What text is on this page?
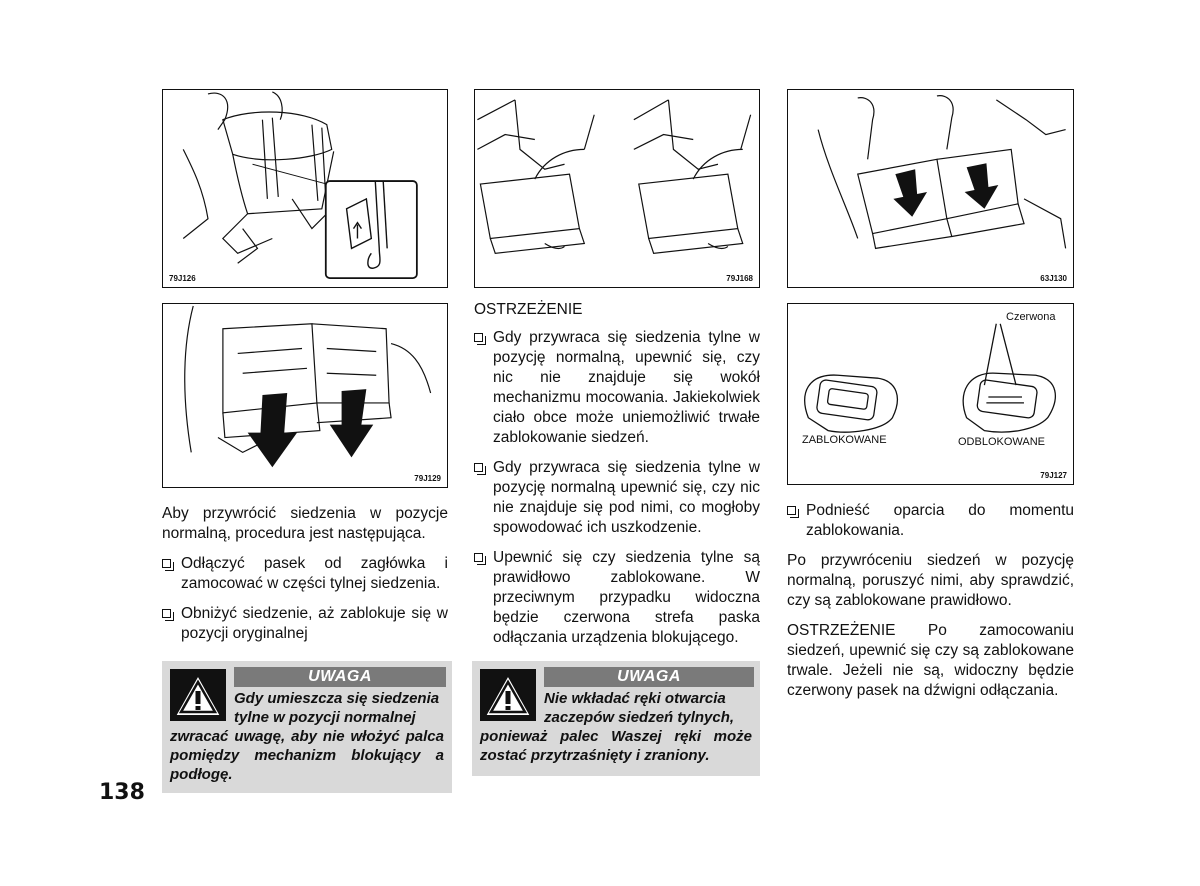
79J126	79J168	63J130
79J129
Czerwona
ZABLOKOWANE	ODBLOKOWANE
79J127

Aby przywrócić siedzenia w pozycje normalną, procedura jest następująca.

Odłączyć pasek od zagłówka i zamocować w części tylnej siedzenia.
Obniżyć siedzenie, aż zablokuje się w pozycji oryginalnej
UWAGA
Gdy umieszcza się siedzenia
tylne w pozycji normalnej
zwracać uwagę, aby nie włożyć palca pomiędzy mechanizm blokujący a podłogę.

OSTRZEŻENIE

Gdy przywraca się siedzenia tylne w pozycję normalną, upewnić się, czy nic nie znajduje się wokół mechanizmu mocowania. Jakiekolwiek ciało obce może uniemożliwić trwałe zablokowanie siedzeń.
Gdy przywraca się siedzenia tylne w pozycję normalną upewnić się, czy nic nie znajduje się pod nimi, co mogłoby spowodować ich uszkodzenie.
Upewnić się czy siedzenia tylne są prawidłowo zablokowane. W przeciwnym przypadku widoczna będzie czerwona strefa paska odłączania urządzenia blokującego.
UWAGA
Nie wkładać ręki otwarcia
zaczepów siedzeń tylnych,
ponieważ palec Waszej ręki może zostać przytrzaśnięty i zraniony.
Podnieść oparcia do momentu zablokowania.

Po przywróceniu siedzeń w pozycję normalną, poruszyć nimi, aby sprawdzić, czy są zablokowane prawidłowo.

OSTRZEŻENIE Po zamocowaniu siedzeń, upewnić się czy są zablokowane trwale. Jeżeli nie są, widoczny będzie czerwony pasek na dźwigni odłączania.

138
